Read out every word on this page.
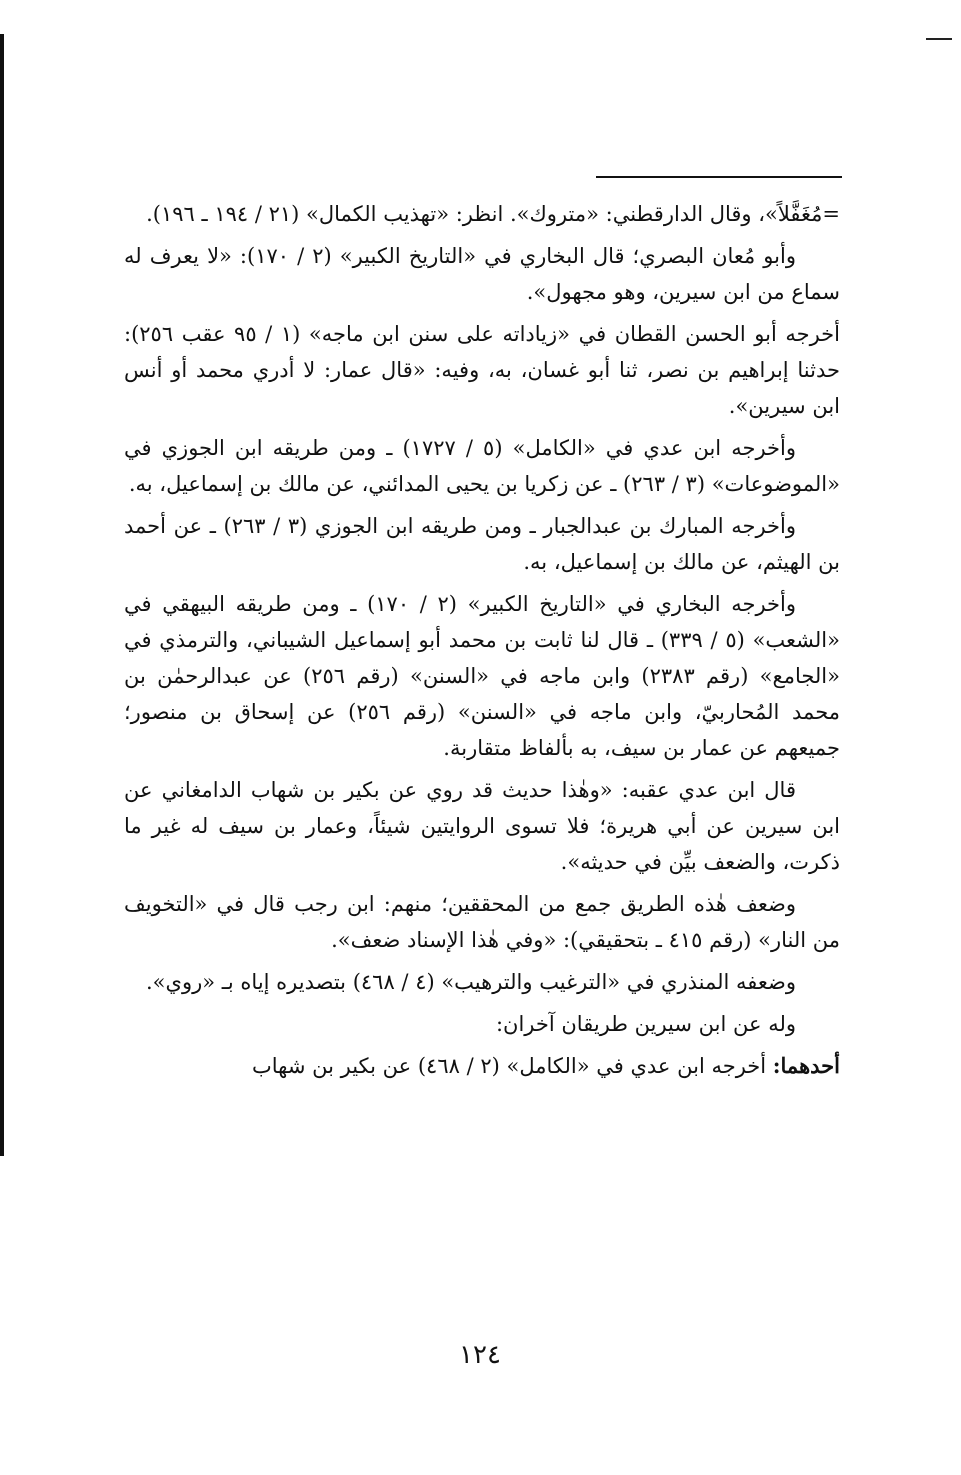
=مُغَفَّلاً»، وقال الدارقطني: «متروك». انظر: «تهذيب الكمال» (٢١ / ١٩٤ ـ ١٩٦).

وأبو مُعان البصري؛ قال البخاري في «التاريخ الكبير» (٢ / ١٧٠): «لا يعرف له سماع من ابن سيرين، وهو مجهول».

أخرجه أبو الحسن القطان في «زياداته على سنن ابن ماجه» (١ / ٩٥ عقب ٢٥٦): حدثنا إبراهيم بن نصر، ثنا أبو غسان، به، وفيه: «قال عمار: لا أدري محمد أو أنس ابن سيرين».

وأخرجه ابن عدي في «الكامل» (٥ / ١٧٢٧) ـ ومن طريقه ابن الجوزي في «الموضوعات» (٣ / ٢٦٣) ـ عن زكريا بن يحيى المدائني، عن مالك بن إسماعيل، به.

وأخرجه المبارك بن عبدالجبار ـ ومن طريقه ابن الجوزي (٣ / ٢٦٣) ـ عن أحمد بن الهيثم، عن مالك بن إسماعيل، به.

وأخرجه البخاري في «التاريخ الكبير» (٢ / ١٧٠) ـ ومن طريقه البيهقي في «الشعب» (٥ / ٣٣٩) ـ قال لنا ثابت بن محمد أبو إسماعيل الشيباني، والترمذي في «الجامع» (رقم ٢٣٨٣) وابن ماجه في «السنن» (رقم ٢٥٦) عن عبدالرحمٰن بن محمد المُحاربيّ، وابن ماجه في «السنن» (رقم ٢٥٦) عن إسحاق بن منصور؛ جميعهم عن عمار بن سيف، به بألفاظ متقاربة.

قال ابن عدي عقبه: «وهٰذا حديث قد روي عن بكير بن شهاب الدامغاني عن ابن سيرين عن أبي هريرة؛ فلا تسوى الروايتين شيئاً، وعمار بن سيف له غير ما ذكرت، والضعف بيِّن في حديثه».

وضعف هٰذه الطريق جمع من المحققين؛ منهم: ابن رجب قال في «التخويف من النار» (رقم ٤١٥ ـ بتحقيقي): «وفي هٰذا الإسناد ضعف».

وضعفه المنذري في «الترغيب والترهيب» (٤ / ٤٦٨) بتصديره إياه بـ «روي».

وله عن ابن سيرين طريقان آخران:

أحدهما: أخرجه ابن عدي في «الكامل» (٢ / ٤٦٨) عن بكير بن شهاب

١٢٤
